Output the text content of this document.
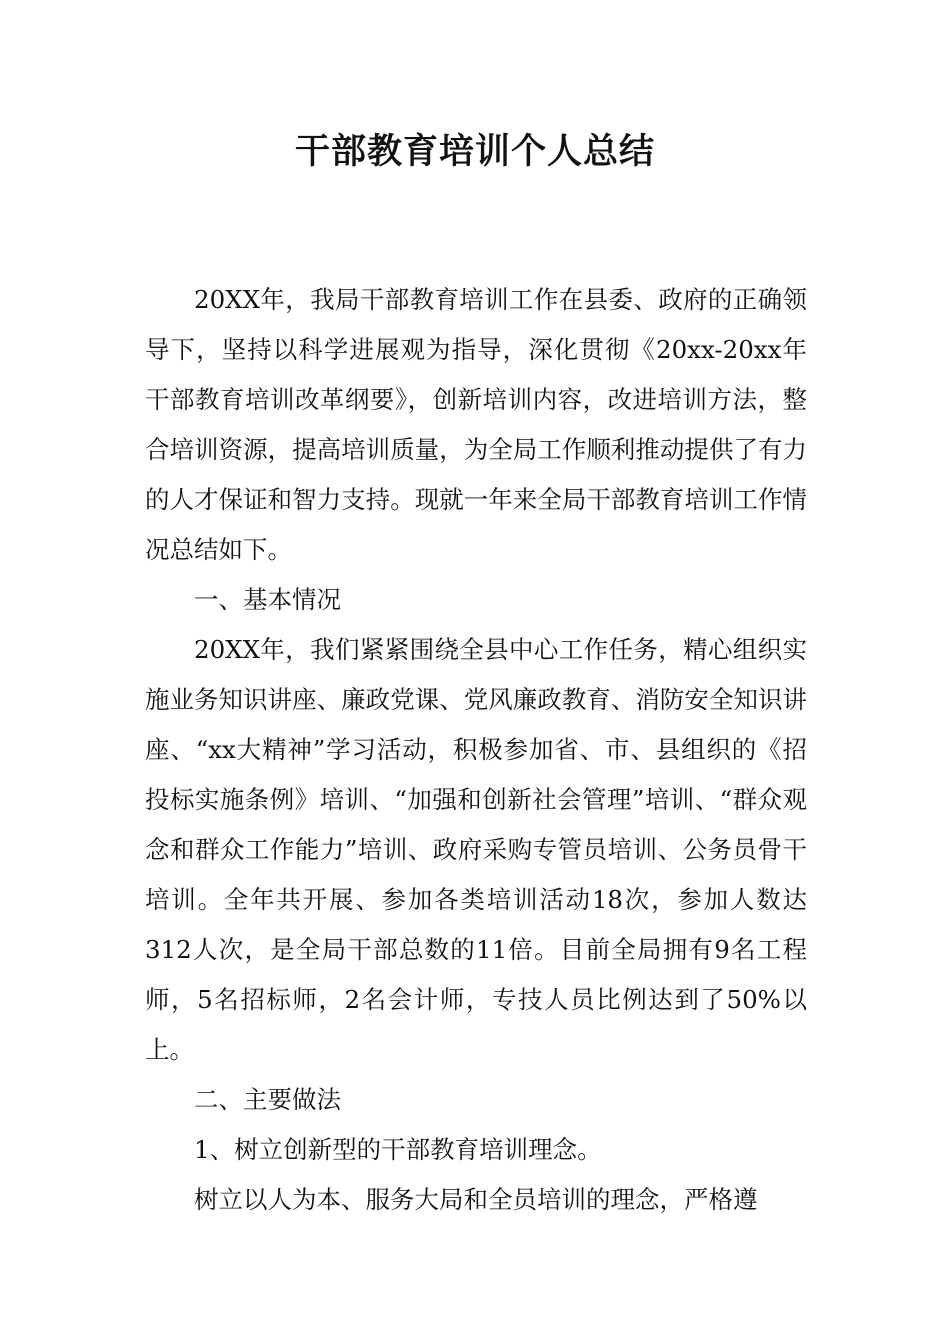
干部教育培训个人总结

20XX年，我局干部教育培训工作在县委、政府的正确领导下，坚持以科学进展观为指导，深化贯彻《20xx-20xx年干部教育培训改革纲要》，创新培训内容，改进培训方法，整合培训资源，提高培训质量，为全局工作顺利推动提供了有力的人才保证和智力支持。现就一年来全局干部教育培训工作情况总结如下。

一、基本情况

20XX年，我们紧紧围绕全县中心工作任务，精心组织实施业务知识讲座、廉政党课、党风廉政教育、消防安全知识讲座、“xx大精神”学习活动，积极参加省、市、县组织的《招投标实施条例》培训、“加强和创新社会管理”培训、“群众观念和群众工作能力”培训、政府采购专管员培训、公务员骨干培训。全年共开展、参加各类培训活动18次，参加人数达312人次，是全局干部总数的11倍。目前全局拥有9名工程师，5名招标师，2名会计师，专技人员比例达到了50%以上。

二、主要做法

1、树立创新型的干部教育培训理念。

树立以人为本、服务大局和全员培训的理念，严格遵
